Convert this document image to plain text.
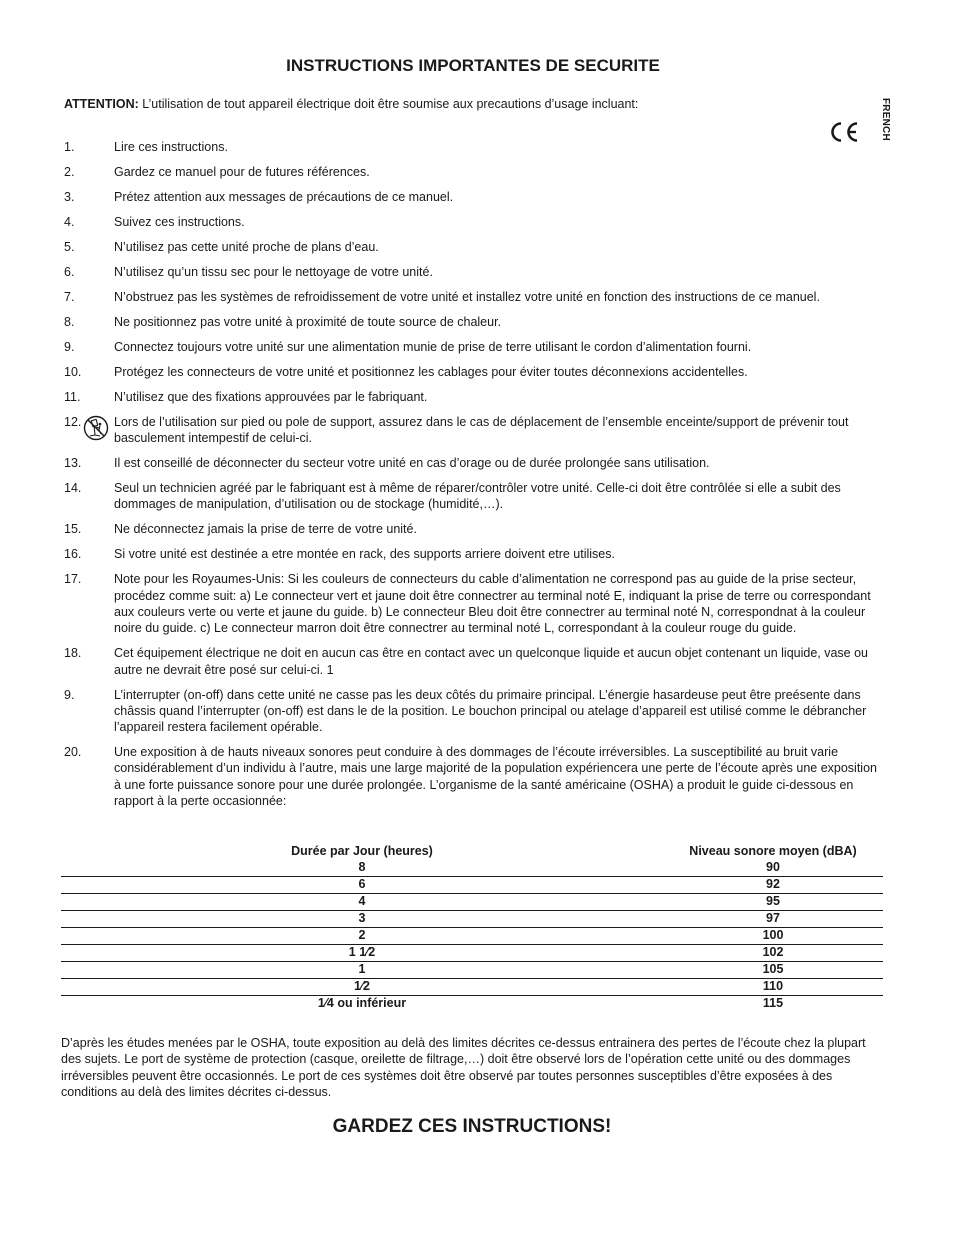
FRENCH
INSTRUCTIONS IMPORTANTES DE SECURITE

ATTENTION: L’utilisation de tout appareil électrique doit être soumise aux precautions d’usage incluant:

1.	Lire ces instructions.
2.	Gardez ce manuel pour de futures références.
3.	Prétez attention aux messages de précautions de ce manuel.
4.	Suivez ces instructions.
5.	N’utilisez pas cette unité proche de plans d’eau.
6.	N’utilisez qu’un tissu sec pour le nettoyage de votre unité.
7.	N’obstruez pas les systèmes de refroidissement de votre unité et installez votre unité en fonction des instructions de ce manuel.
8.	Ne positionnez pas votre unité à proximité de toute source de chaleur.
9.	Connectez toujours votre unité sur une alimentation munie de prise de terre utilisant le cordon d’alimentation fourni.
10.	Protégez les connecteurs de votre unité et positionnez les cablages pour éviter toutes déconnexions accidentelles.
11.	N’utilisez que des fixations approuvées par le fabriquant.
12.	Lors de l’utilisation sur pied ou pole de support, assurez dans le cas de déplacement de l’ensemble enceinte/support de prévenir tout basculement intempestif de celui-ci.
13.	Il est conseillé de déconnecter du secteur votre unité en cas d’orage ou de durée prolongée sans utilisation.
14.	Seul un technicien agréé par le fabriquant est à même de réparer/contrôler votre unité. Celle-ci doit être contrôlée si elle a subit des dommages de manipulation, d’utilisation ou de stockage (humidité,…).
15.	Ne déconnectez jamais la prise de terre de votre unité.
16.	Si votre unité est destinée a etre montée en rack, des supports arriere doivent etre utilises.
17.	Note pour les Royaumes-Unis: Si les couleurs de connecteurs du cable d’alimentation ne correspond pas au guide de la prise secteur, procédez comme suit: a) Le connecteur vert et jaune doit être connectrer au terminal noté E, indiquant la prise de terre ou correspondant aux couleurs verte ou verte et jaune du guide. b) Le connecteur Bleu doit être connectrer au terminal noté N, correspondnat à la couleur noire du guide. c) Le connecteur marron doit être connectrer au terminal noté L, correspondant à la couleur rouge du guide.
18.	Cet équipement électrique ne doit en aucun cas être en contact avec un quelconque liquide et aucun objet contenant un liquide, vase ou autre ne devrait être posé sur celui-ci. 1
9.	L’interrupter (on-off) dans cette unité ne casse pas les deux côtés du primaire principal. L’énergie hasardeuse peut être preésente dans châssis quand l’interrupter (on-off) est dans le de la position. Le bouchon principal ou atelage d’appareil est utilisé comme le débrancher l’appareil restera facilement opérable.
20.	Une exposition à de hauts niveaux sonores peut conduire à des dommages de l’écoute irréversibles. La susceptibilité au bruit varie considérablement d’un individu à l’autre, mais une large majorité de la population expériencera une perte de l’écoute après une exposition à une forte puissance sonore pour une durée prolongée. L’organisme de la santé américaine (OSHA) a produit le guide ci-dessous en rapport à la perte occasionnée:
Durée par Jour (heures)	Niveau sonore moyen (dBA)
8	90
6	92
4	95
3	97
2	100
1 1⁄2	102
1	105
1⁄2	110
1⁄4 ou inférieur	115

D’après les études menées par le OSHA, toute exposition au delà des limites décrites ce-dessus entrainera des pertes de l’écoute chez la plupart des sujets. Le port de système de protection (casque, oreilette de filtrage,…) doit être observé lors de l’opération cette unité ou des dommages irréversibles peuvent être occasionnés. Le port de ces systèmes doit être observé par toutes personnes susceptibles d’être exposées à des conditions au delà des limites décrites ci-dessus.

GARDEZ CES INSTRUCTIONS!
